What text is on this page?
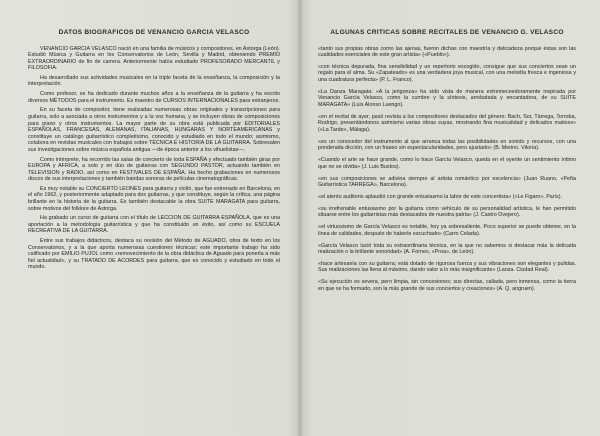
DATOS BIOGRAFICOS DE VENANCIO GARCIA VELASCO

VENANCIO GARCIA VELASCO nació en una familia de músicos y compositores, en Astorga (León). Estudió Música y Guitarra en los Conservatorios de León, Sevilla y Madrid, obteniendo PREMIO EXTRAORDINARIO de fin de carrera. Anteriormente había estudiado PROFESORADO MERCANTIL y FILOSOFIA.

Ha desarrollado sus actividades musicales en la triple faceta de la enseñanza, la composición y la interpretación.

Como profesor, se ha dedicado durante muchos años a la enseñanza de la guitarra y ha escrito diversos MÉTODOS para el instrumento. Es maestro de CURSOS INTERNACIONALES para extranjeros.

En su faceta de compositor, tiene realizadas numerosas obras originales y transcripciones para guitarra, solo a asociada a otros instrumentos y a la voz humana, y se incluyen obras de composiciones para piano y otros instrumentos. La mayor parte de su obra está publicada por EDITORIALES ESPAÑOLAS, FRANCESAS, ALEMANAS, ITALIANAS, HUNGARAS Y NORTEAMERICANAS y constituye un catálogo guitarrístico completísimo, conocido y estudiado en todo el mundo; asimismo, colabora en revistas musicales con trabajos sobre TÉCNICA E HISTORIA DE LA GUITARRA. Sobresalen sus investigaciones sobre música española antigua —de época anterior a los vihuelistas—.

Como intérprete, ha recorrido las salas de concierto de toda ESPAÑA y efectuado también giras por EUROPA y AFRICA, a solo y en dúo de guitarras con SEGUNDO PASTOR, actuando también en TELEVISION y RADIO, así como en FESTIVALES DE ESPAÑA. Ha hecho grabaciones en numerosos discos de sus interpretaciones y también bandas sonoras de películas cinematográficas.

Es muy notable su CONCIERTO LEONES para guitarra y violín, que fue estrenado en Barcelona, en el año 1962, y posteriormente adaptado para dos guitarras, y que constituye, según la crítica, una página brillante en la historia de la guitarra. Es también destacable la obra SUITE MARAGATA para guitarra, sobre motivos del folklore de Astorga.

Ha grabado un curso de guitarra con el título de LECCION DE GUITARRA ESPAÑOLA, que es una aportación a la metodología guitarrística y que ha constituido un éxito, así como su ESCUELA RECREATIVA DE LA GUITARRA.

Entre sus trabajos didácticos, destaca su revisión del Método de AGUADO, obra de texto en los Conservatorios, y a la que aporta numerosas cuestiones técnicas; este importante trabajo ha sido calificado por EMILIO PUJOL como «removecimiento de la obra didáctica de Aguado para ponerla a más fiel actualidad», y su TRATADO DE ACORDES para guitarra, que es conocido y estudiado en todo el mundo.

ALGUNAS CRITICAS SOBRE RECITALES DE VENANCIO G. VELASCO

«tanto sus propias obras como las ajenas, fueron dichas con maestría y delicadeza porque éstas son las cualidades esenciales de este gran artista» («Pueblo»).

«con técnica depurada, fina sensibilidad y un repertorio escogido, consigue que sus conciertos sean un regalo para el alma. Su «Zapateado» es una verdadera joya musical, con una melodía fresca e ingeniosa y una cuadratura perfecta» (P. L. Franco).

«La Danza Maragata: «A la jerigonza» ha sido vista de manera extremeceedoramente inspirada por Venancio García Velasco, como la cumbre y la síntesis, arrebatada y encantadora, de su SUITE MARAGATA» (Luis Alonso Luengo).

«en el recital de ayer, pasó revista a los compositores destacados del género: Bach, Sor, Tárrega, Torroba, Rodrigo, presentándonos asimismo varias obras suyas, mostrando fina musicalidad y delicados matices» («La Tarde», Málaga).

«es un conocedor del instrumento al que arranca todas las posibilidades en sonido y recursos, con una ponderada dicción, con un fraseo sin espectacularidades, pero ajustado» (B. Merino. Vitoria).

«Cuando el arte se hace grande, como lo hace García Velasco, queda en el oyente un sentimiento íntimo que no se olvida» (J. Luis Bustos).

«en sus composiciones se adivina siempre al artista romántico por excelencia» (Juan Ruano, «Peña Guitarrística TARREGA», Barcelona).

«el atento auditorio aplaudió con grande entusiasmo la labor de este concertista» («Le Figaro», París).

«su irrefrenable entusiasmo por la guitarra como vehículo de su personalidad artística, le han permitido situarse entre los guitarristas más destacados de nuestra patria» (J. Castro Ovejero).

«el virtuosismo de García Velasco es notable, hoy ya sobresaliente. Poco superior se puede obtener, en la línea de calidades, después de haberle escuchado» (Carro Celada).

«García Velasco lució toda su extraordinaria técnica, en la que no sabemos si destacar más la delicada matización o la brillante sonoridad» (A. Fornes, «Proa», de León).

«hace artesanía con su guitarra; está dotado de rigurosa fuerza y sus vibraciones son elegantes y pulidas. Sus realizaciones las llena al máximo, dando valor a lo más insignificante» (Lanza. Ciudad Real).

«Su ejecución es severa, pero limpia, sin concesiones; sus directas, callada, pero inmensa, como la tierra en que se ha formado, son la más grande de sus conciertos y creaciones» (A. Q. angruen).
